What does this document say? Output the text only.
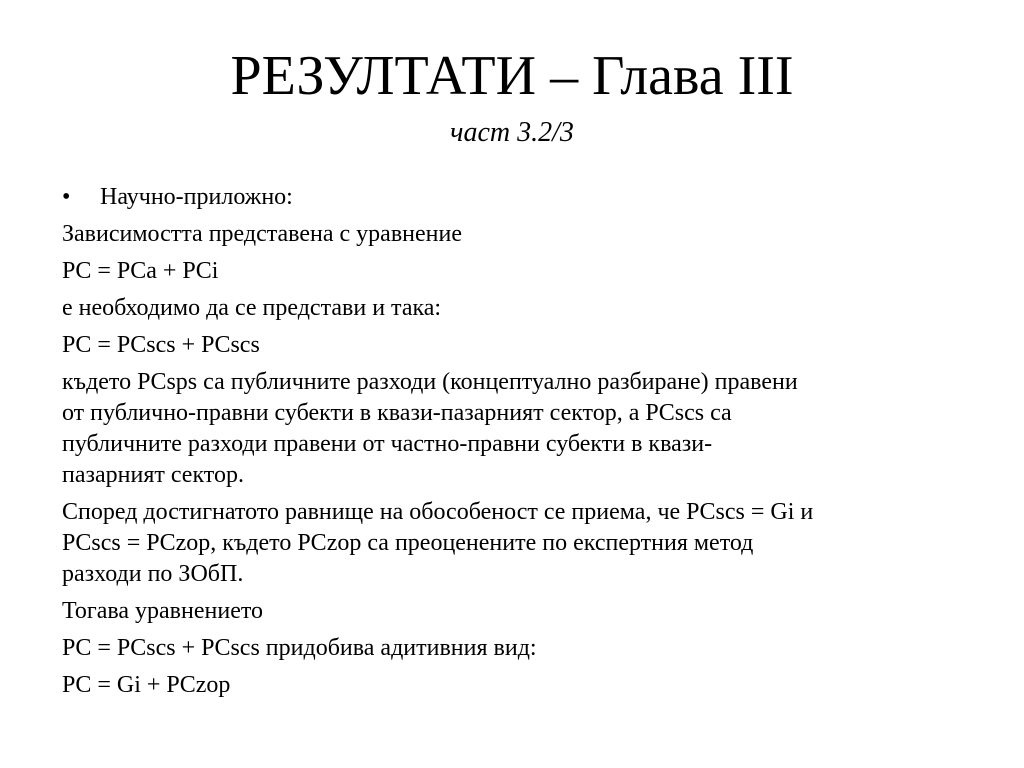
РЕЗУЛТАТИ – Глава III
част 3.2/3
•	Научно-приложно:
Зависимостта представена с уравнение
PC = PCa + PCi
е необходимо да се представи и така:
PC = PCscs + PCscs
където PCsps са публичните разходи (концептуално разбиране) правени
от публично-правни субекти в квази-пазарният сектор, а PCscs са
публичните разходи правени от частно-правни субекти в квази-
пазарният сектор.
Според достигнатото равнище на обособеност се приема, че PCscs = Gi и
PCscs = PCzop, където PCzop са преоценените по експертния метод
разходи по ЗОбП.
Тогава уравнението
PC = PCscs + PCscs придобива адитивния вид:
PC = Gi + PCzop
